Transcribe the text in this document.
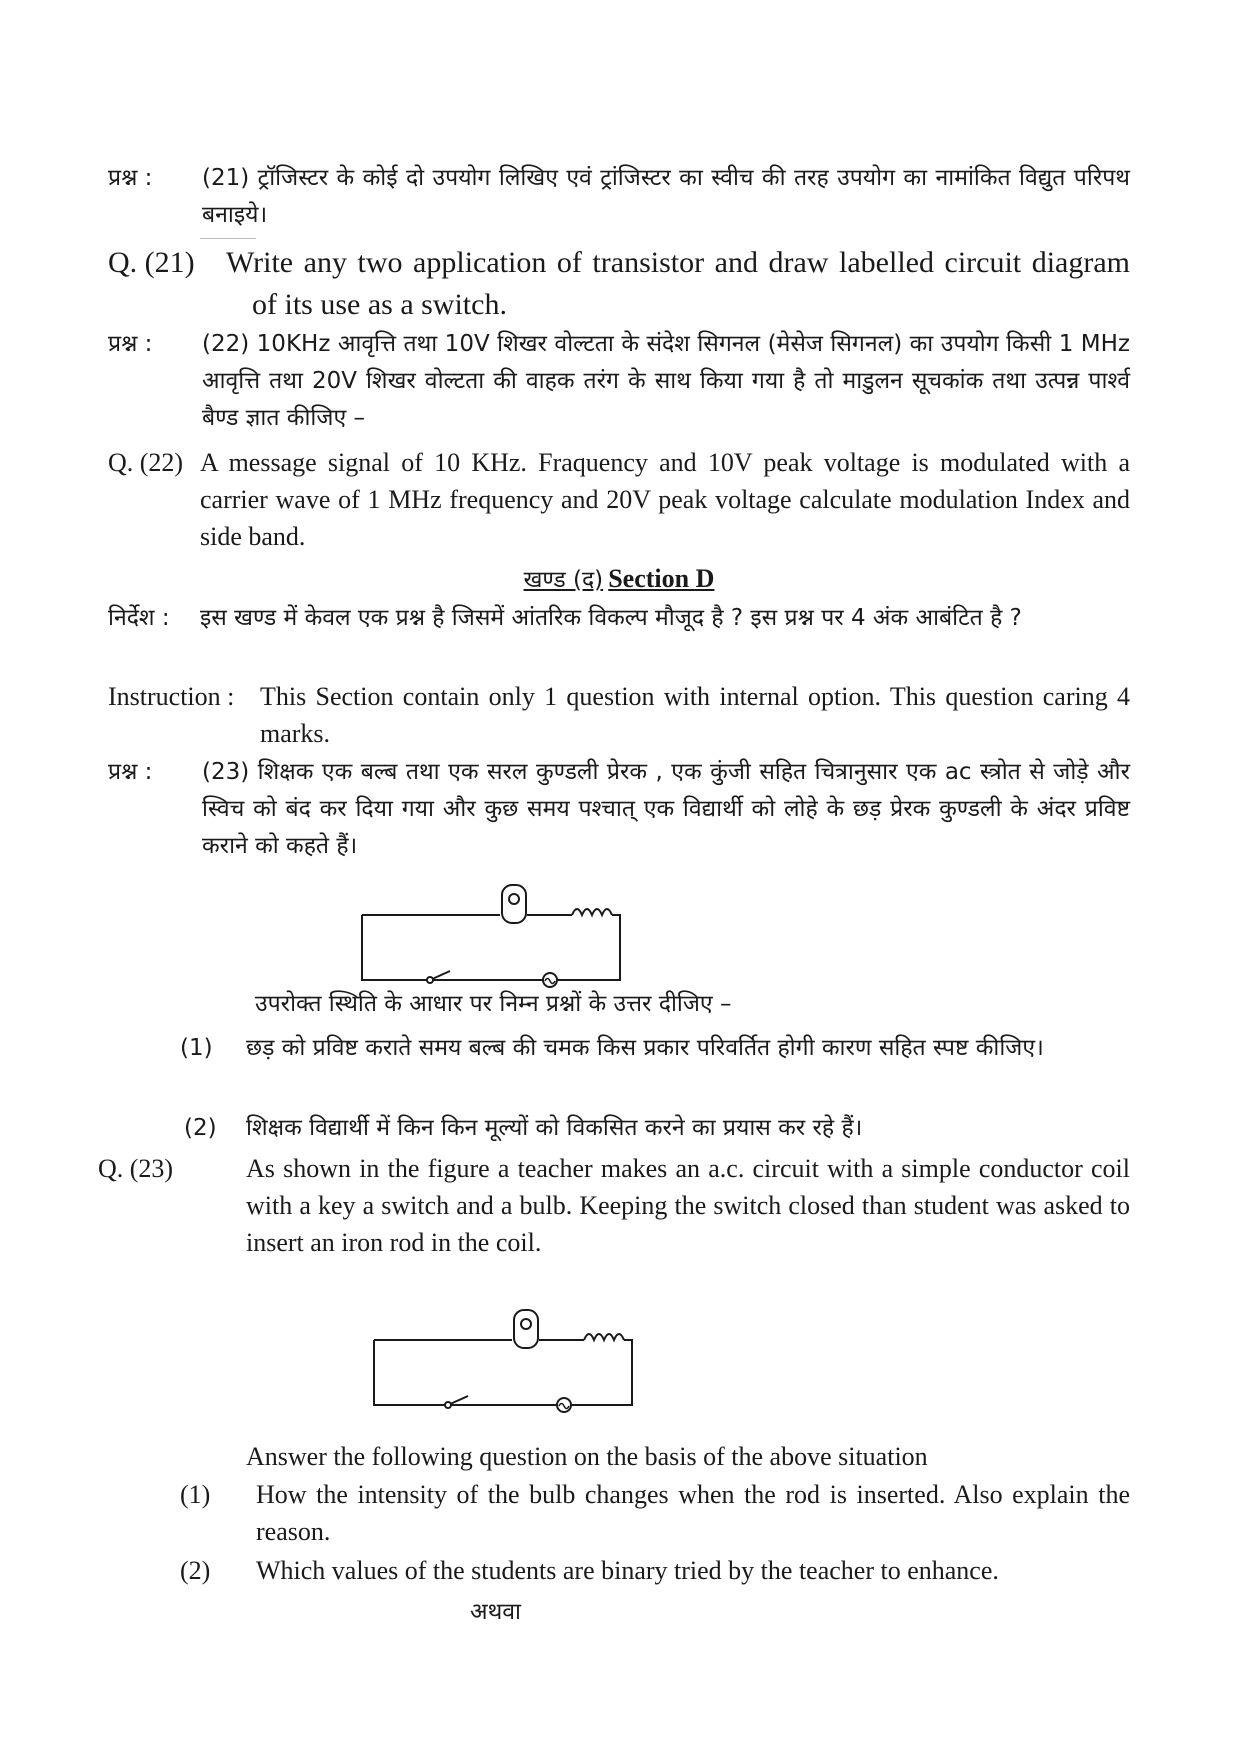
प्रश्न : (21) ट्रॉजिस्टर के कोई दो उपयोग लिखिए एवं ट्रांजिस्टर का स्वीच की तरह उपयोग का नामांकित विद्युत परिपथ बनाइये।
Q. (21) Write any two application of transistor and draw labelled circuit diagram of its use as a switch.
प्रश्न : (22) 10KHz आवृत्ति तथा 10V शिखर वोल्टता के संदेश सिगनल (मेसेज सिगनल) का उपयोग किसी 1 MHz आवृत्ति तथा 20V शिखर वोल्टता की वाहक तरंग के साथ किया गया है तो माडुलन सूचकांक तथा उत्पन्न पार्श्व बैण्ड ज्ञात कीजिए –
Q. (22) A message signal of 10 KHz. Fraquency and 10V peak voltage is modulated with a carrier wave of 1 MHz frequency and 20V peak voltage calculate modulation Index and side band.
खण्ड (द) Section D
निर्देश : इस खण्ड में केवल एक प्रश्न है जिसमें आंतरिक विकल्प मौजूद है ? इस प्रश्न पर 4 अंक आबंटित है ?
Instruction : This Section contain only 1 question with internal option. This question caring 4 marks.
प्रश्न : (23) शिक्षक एक बल्ब तथा एक सरल कुण्डली प्रेरक , एक कुंजी सहित चित्रानुसार एक ac स्त्रोत से जोड़े और स्विच को बंद कर दिया गया और कुछ समय पश्चात् एक विद्यार्थी को लोहे के छड़ प्रेरक कुण्डली के अंदर प्रविष्ट कराने को कहते हैं।
उपरोक्त स्थिति के आधार पर निम्न प्रश्नों के उत्तर दीजिए –
(1) छड़ को प्रविष्ट कराते समय बल्ब की चमक किस प्रकार परिवर्तित होगी कारण सहित स्पष्ट कीजिए।
(2) शिक्षक विद्यार्थी में किन किन मूल्यों को विकसित करने का प्रयास कर रहे हैं।
Q. (23)	As shown in the figure a teacher makes an a.c. circuit with a simple conductor coil with a key a switch and a bulb. Keeping the switch closed than student was asked to insert an iron rod in the coil.
Answer the following question on the basis of the above situation
(1) How the intensity of the bulb changes when the rod is inserted. Also explain the reason.
(2) Which values of the students are binary tried by the teacher to enhance.
अथवा
